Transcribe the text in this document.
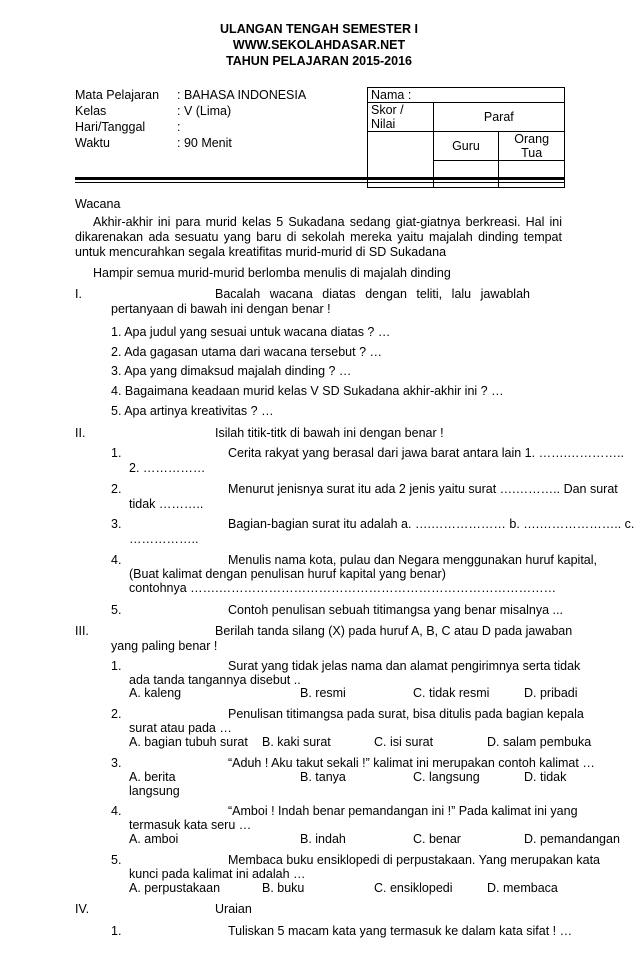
ULANGAN TENGAH SEMESTER I
WWW.SEKOLAHDASAR.NET
TAHUN PELAJARAN 2015-2016
Mata Pelajaran : BAHASA INDONESIA
Kelas	: V (Lima)
Hari/Tanggal	:
Waktu	: 90 Menit
Nama :		
Skor / Nilai	Paraf	
	Guru	Orang Tua

Wacana
Akhir-akhir ini para murid kelas 5 Sukadana sedang giat-giatnya berkreasi. Hal ini
dikarenakan ada sesuatu yang baru di sekolah mereka yaitu majalah dinding tempat
untuk mencurahkan segala kreatifitas murid-murid di SD Sukadana
Hampir semua murid-murid berlomba menulis di majalah dinding
I.	Bacalah wacana diatas dengan teliti, lalu jawablah
pertanyaan di bawah ini dengan benar !
1. Apa judul yang sesuai untuk wacana diatas ? …
2. Ada gagasan utama dari wacana tersebut ? …
3. Apa yang dimaksud majalah dinding ? …
4. Bagaimana keadaan murid kelas V SD Sukadana akhir-akhir ini ? …
5. Apa artinya kreativitas ? …
II.	Isilah titik-titk di bawah ini dengan benar !
1.	Cerita rakyat yang berasal dari jawa barat antara lain 1. …….…………..
2. ……………
2.	Menurut jenisnya surat itu ada 2 jenis yaitu surat ….……….. Dan surat
tidak ………..
3.	Bagian-bagian surat itu adalah a. ….……………… b. ….……………….. c.
……………..
4.	Menulis nama kota, pulau dan Negara menggunakan huruf kapital,
(Buat kalimat dengan penulisan huruf kapital yang benar)
contohnya …….………………………………………………………………………
5.	Contoh penulisan sebuah titimangsa yang benar misalnya ...
III.	Berilah tanda silang (X) pada huruf A, B, C atau D pada jawaban
yang paling benar !
1.	Surat yang tidak jelas nama dan alamat pengirimnya serta tidak
ada tanda tangannya disebut ..
A. kaleng	B. resmi	C. tidak resmi	D. pribadi
2.	Penulisan titimangsa pada surat, bisa ditulis pada bagian kepala
surat atau pada …
A. bagian tubuh surat B. kaki surat	C. isi surat	D. salam pembuka
3.	“Aduh ! Aku takut sekali !” kalimat ini merupakan contoh kalimat …
A. berita	B. tanya	C. langsung	D. tidak
langsung
4.	“Amboi ! Indah benar pemandangan ini !” Pada kalimat ini yang
termasuk kata seru …
A. amboi	B. indah	C. benar	D. pemandangan
5.	Membaca buku ensiklopedi di perpustakaan. Yang merupakan kata
kunci pada kalimat ini adalah …
A. perpustakaan	B. buku	C. ensiklopedi	D. membaca
IV.	Uraian
1.	Tuliskan 5 macam kata yang termasuk ke dalam kata sifat ! …
